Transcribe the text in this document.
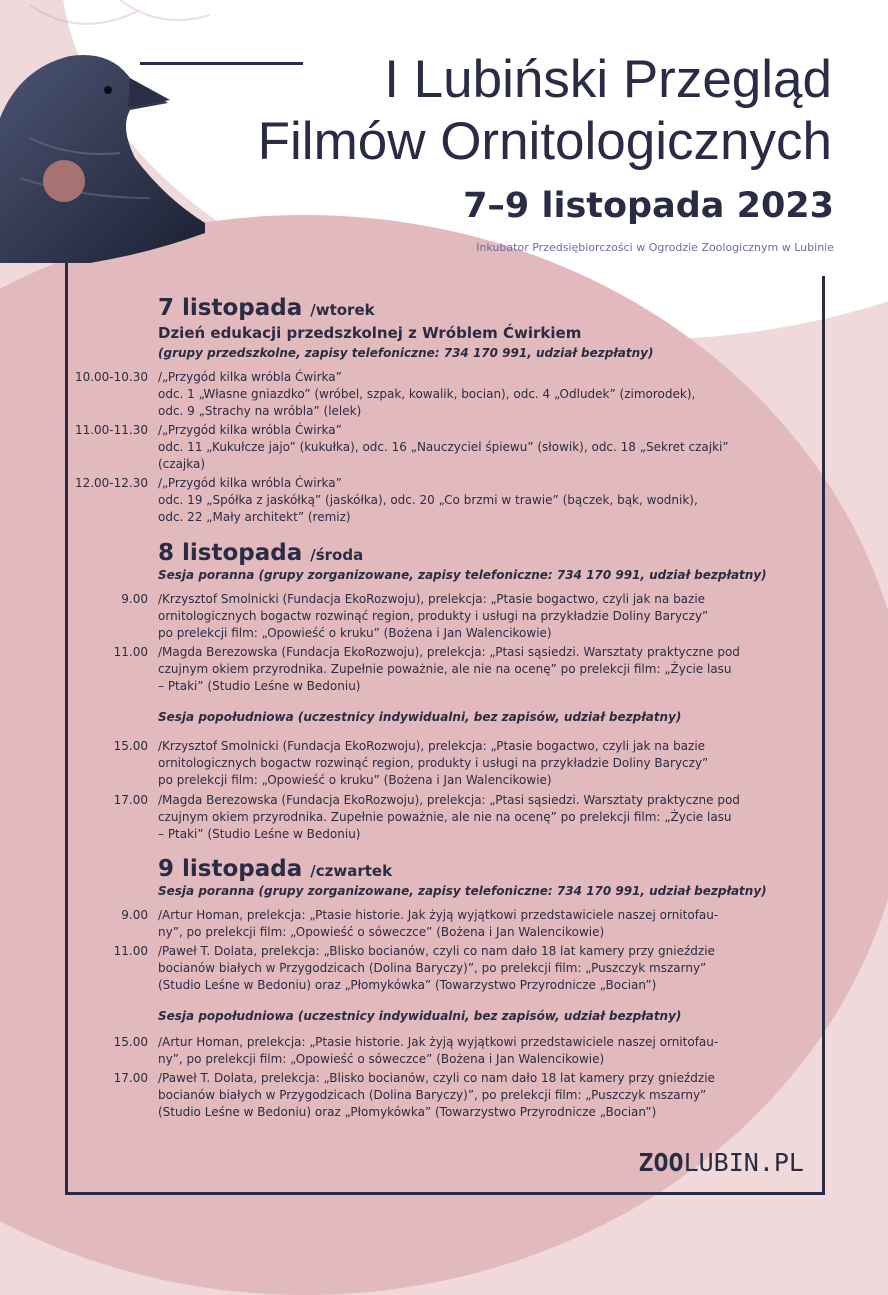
I Lubiński Przegląd
Filmów Ornitologicznych
7–9 listopada 2023
Inkubator Przedsiębiorczości w Ogrodzie Zoologicznym w Lubinie
7 listopada /wtorek
Dzień edukacji przedszkolnej z Wróblem Ćwirkiem
(grupy przedszkolne, zapisy telefoniczne: 734 170 991, udział bezpłatny)
10.00-10.30 /„Przygód kilka wróbla Ćwirka”
odc. 1 „Własne gniazdko” (wróbel, szpak, kowalik, bocian), odc. 4 „Odludek” (zimorodek),
odc. 9 „Strachy na wróbla” (lelek)
11.00-11.30 /„Przygód kilka wróbla Ćwirka”
odc. 11 „Kukułcze jajo” (kukułka), odc. 16 „Nauczyciel śpiewu” (słowik), odc. 18 „Sekret czajki”
(czajka)
12.00-12.30 /„Przygód kilka wróbla Ćwirka”
odc. 19 „Spółka z jaskółką” (jaskółka), odc. 20 „Co brzmi w trawie” (bączek, bąk, wodnik),
odc. 22 „Mały architekt” (remiz)
8 listopada /środa
Sesja poranna (grupy zorganizowane, zapisy telefoniczne: 734 170 991, udział bezpłatny)
9.00 /Krzysztof Smolnicki (Fundacja EkoRozwoju), prelekcja: „Ptasie bogactwo, czyli jak na bazie
ornitologicznych bogactw rozwinąć region, produkty i usługi na przykładzie Doliny Baryczy”
po prelekcji film: „Opowieść o kruku” (Bożena i Jan Walencikowie)
11.00 /Magda Berezowska (Fundacja EkoRozwoju), prelekcja: „Ptasi sąsiedzi. Warsztaty praktyczne pod
czujnym okiem przyrodnika. Zupełnie poważnie, ale nie na ocenę” po prelekcji film: „Życie lasu
– Ptaki” (Studio Leśne w Bedoniu)
Sesja popołudniowa (uczestnicy indywidualni, bez zapisów, udział bezpłatny)
15.00 /Krzysztof Smolnicki (Fundacja EkoRozwoju), prelekcja: „Ptasie bogactwo, czyli jak na bazie
ornitologicznych bogactw rozwinąć region, produkty i usługi na przykładzie Doliny Baryczy”
po prelekcji film: „Opowieść o kruku” (Bożena i Jan Walencikowie)
17.00 /Magda Berezowska (Fundacja EkoRozwoju), prelekcja: „Ptasi sąsiedzi. Warsztaty praktyczne pod
czujnym okiem przyrodnika. Zupełnie poważnie, ale nie na ocenę” po prelekcji film: „Życie lasu
– Ptaki” (Studio Leśne w Bedoniu)
9 listopada /czwartek
Sesja poranna (grupy zorganizowane, zapisy telefoniczne: 734 170 991, udział bezpłatny)
9.00 /Artur Homan, prelekcja: „Ptasie historie. Jak żyją wyjątkowi przedstawiciele naszej ornitofau-
ny”, po prelekcji film: „Opowieść o sóweczce” (Bożena i Jan Walencikowie)
11.00 /Paweł T. Dolata, prelekcja: „Blisko bocianów, czyli co nam dało 18 lat kamery przy gnieździe
bocianów białych w Przygodzicach (Dolina Baryczy)”, po prelekcji film: „Puszczyk mszarny”
(Studio Leśne w Bedoniu) oraz „Płomykówka” (Towarzystwo Przyrodnicze „Bocian”)
Sesja popołudniowa (uczestnicy indywidualni, bez zapisów, udział bezpłatny)
15.00 /Artur Homan, prelekcja: „Ptasie historie. Jak żyją wyjątkowi przedstawiciele naszej ornitofau-
ny”, po prelekcji film: „Opowieść o sóweczce” (Bożena i Jan Walencikowie)
17.00 /Paweł T. Dolata, prelekcja: „Blisko bocianów, czyli co nam dało 18 lat kamery przy gnieździe
bocianów białych w Przygodzicach (Dolina Baryczy)”, po prelekcji film: „Puszczyk mszarny”
(Studio Leśne w Bedoniu) oraz „Płomykówka” (Towarzystwo Przyrodnicze „Bocian”)
ZOOLUBIN.PL
